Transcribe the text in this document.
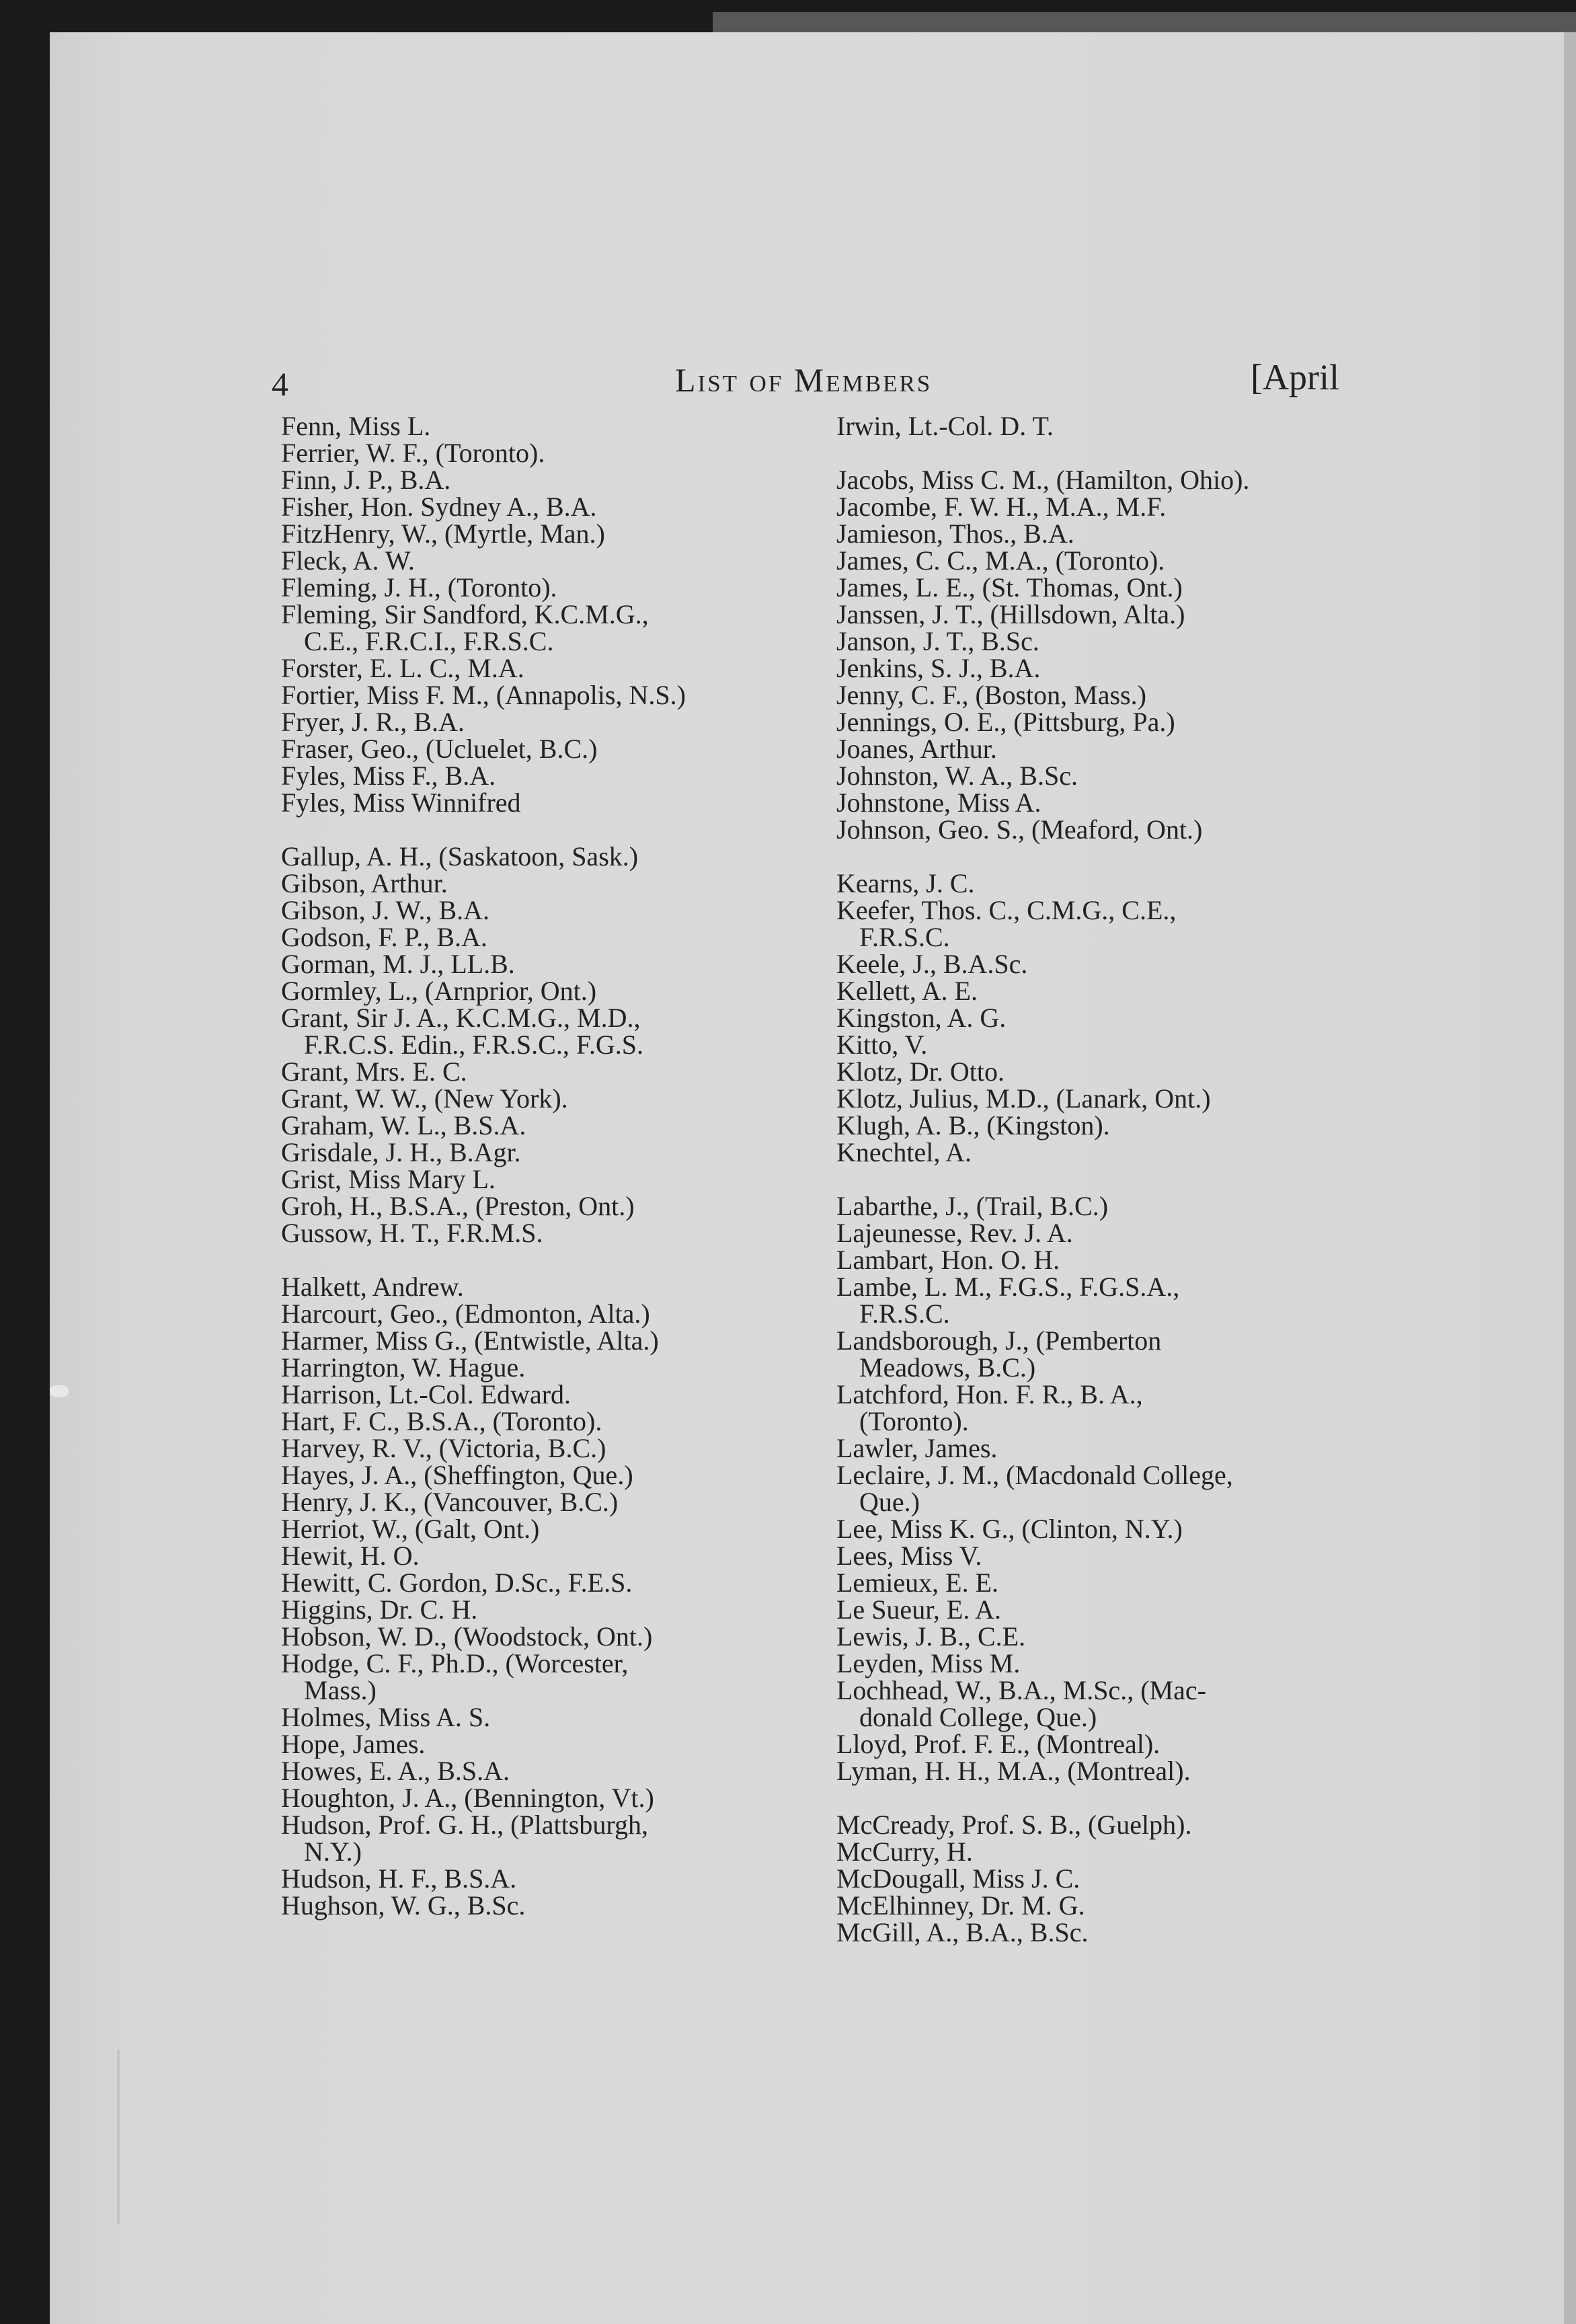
4	List of Members	[April

Fenn, Miss L.

Ferrier, W. F., (Toronto).

Finn, J. P., B.A.

Fisher, Hon. Sydney A., B.A.

FitzHenry, W., (Myrtle, Man.)

Fleck, A. W.

Fleming, J. H., (Toronto).

Fleming, Sir Sandford, K.C.M.G.,

C.E., F.R.C.I., F.R.S.C.

Forster, E. L. C., M.A.

Fortier, Miss F. M., (Annapolis, N.S.)

Fryer, J. R., B.A.

Fraser, Geo., (Ucluelet, B.C.)

Fyles, Miss F., B.A.

Fyles, Miss Winnifred

Gallup, A. H., (Saskatoon, Sask.)

Gibson, Arthur.

Gibson, J. W., B.A.

Godson, F. P., B.A.

Gorman, M. J., LL.B.

Gormley, L., (Arnprior, Ont.)

Grant, Sir J. A., K.C.M.G., M.D.,

F.R.C.S. Edin., F.R.S.C., F.G.S.

Grant, Mrs. E. C.

Grant, W. W., (New York).

Graham, W. L., B.S.A.

Grisdale, J. H., B.Agr.

Grist, Miss Mary L.

Groh, H., B.S.A., (Preston, Ont.)

Gussow, H. T., F.R.M.S.

Halkett, Andrew.

Harcourt, Geo., (Edmonton, Alta.)

Harmer, Miss G., (Entwistle, Alta.)

Harrington, W. Hague.

Harrison, Lt.-Col. Edward.

Hart, F. C., B.S.A., (Toronto).

Harvey, R. V., (Victoria, B.C.)

Hayes, J. A., (Sheffington, Que.)

Henry, J. K., (Vancouver, B.C.)

Herriot, W., (Galt, Ont.)

Hewit, H. O.

Hewitt, C. Gordon, D.Sc., F.E.S.

Higgins, Dr. C. H.

Hobson, W. D., (Woodstock, Ont.)

Hodge, C. F., Ph.D., (Worcester,

Mass.)

Holmes, Miss A. S.

Hope, James.

Howes, E. A., B.S.A.

Houghton, J. A., (Bennington, Vt.)

Hudson, Prof. G. H., (Plattsburgh,

N.Y.)

Hudson, H. F., B.S.A.

Hughson, W. G., B.Sc.

Irwin, Lt.-Col. D. T.

Jacobs, Miss C. M., (Hamilton, Ohio).

Jacombe, F. W. H., M.A., M.F.

Jamieson, Thos., B.A.

James, C. C., M.A., (Toronto).

James, L. E., (St. Thomas, Ont.)

Janssen, J. T., (Hillsdown, Alta.)

Janson, J. T., B.Sc.

Jenkins, S. J., B.A.

Jenny, C. F., (Boston, Mass.)

Jennings, O. E., (Pittsburg, Pa.)

Joanes, Arthur.

Johnston, W. A., B.Sc.

Johnstone, Miss A.

Johnson, Geo. S., (Meaford, Ont.)

Kearns, J. C.

Keefer, Thos. C., C.M.G., C.E.,

F.R.S.C.

Keele, J., B.A.Sc.

Kellett, A. E.

Kingston, A. G.

Kitto, V.

Klotz, Dr. Otto.

Klotz, Julius, M.D., (Lanark, Ont.)

Klugh, A. B., (Kingston).

Knechtel, A.

Labarthe, J., (Trail, B.C.)

Lajeunesse, Rev. J. A.

Lambart, Hon. O. H.

Lambe, L. M., F.G.S., F.G.S.A.,

F.R.S.C.

Landsborough, J., (Pemberton

Meadows, B.C.)

Latchford, Hon. F. R., B. A.,

(Toronto).

Lawler, James.

Leclaire, J. M., (Macdonald College,

Que.)

Lee, Miss K. G., (Clinton, N.Y.)

Lees, Miss V.

Lemieux, E. E.

Le Sueur, E. A.

Lewis, J. B., C.E.

Leyden, Miss M.

Lochhead, W., B.A., M.Sc., (Mac-

donald College, Que.)

Lloyd, Prof. F. E., (Montreal).

Lyman, H. H., M.A., (Montreal).

McCready, Prof. S. B., (Guelph).

McCurry, H.

McDougall, Miss J. C.

McElhinney, Dr. M. G.

McGill, A., B.A., B.Sc.
